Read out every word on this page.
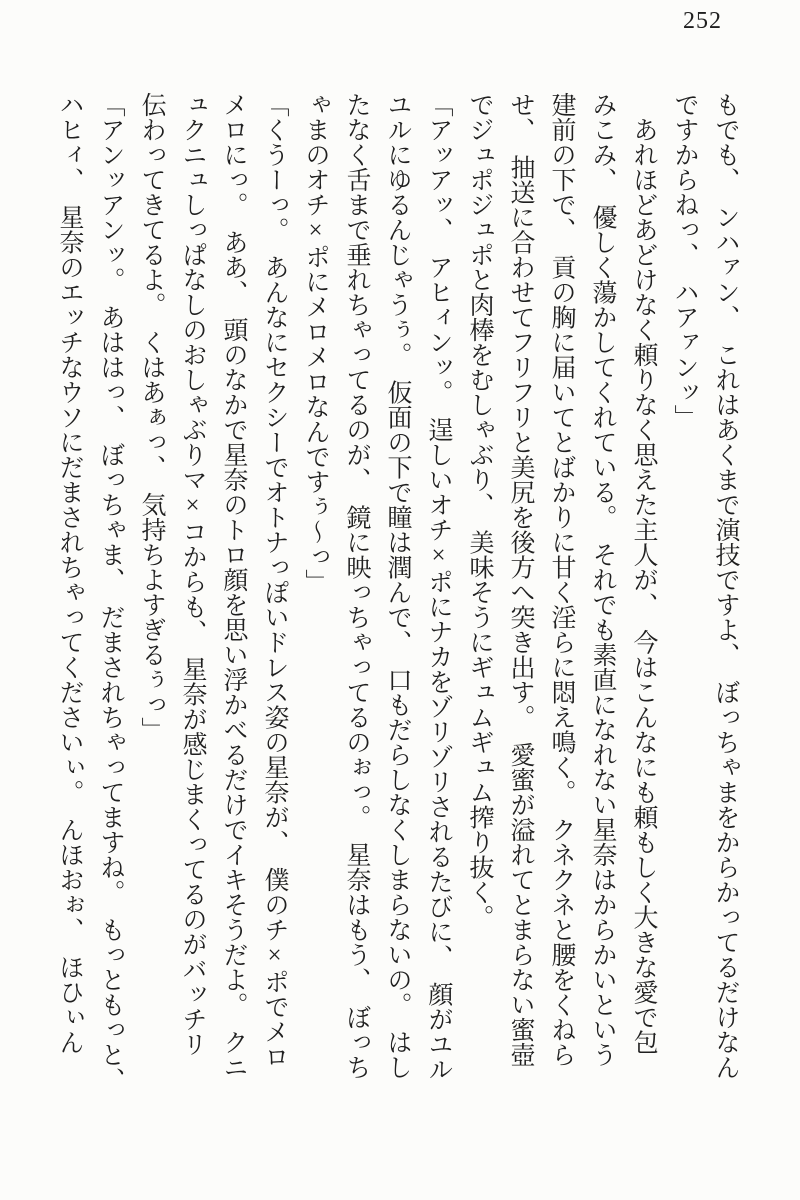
252

もでも、　ンハァン、　これはあくまで演技ですよ、　ぼっちゃまをからかってるだけなん

ですからねっ、　ハアァンッ」

　あれほどあどけなく頼りなく思えた主人が、　今はこんなにも頼もしく大きな愛で包

みこみ、　優しく蕩かしてくれている。　それでも素直になれない星奈はからかいという

建前の下で、　貢の胸に届いてとばかりに甘く淫らに悶え鳴く。　クネクネと腰をくねら

せ、　抽送に合わせてフリフリと美尻を後方へ突き出す。　愛蜜が溢れてとまらない蜜壺

でジュポジュポと肉棒をむしゃぶり、　美味そうにギュムギュム搾り抜く。

「アッアッ、　アヒィンッ。　逞しいオチ×ポにナカをゾリゾリされるたびに、　顔がユル

ユルにゆるんじゃうぅ。　仮面の下で瞳は潤んで、　口もだらしなくしまらないの。　はし

たなく舌まで垂れちゃってるのが、　鏡に映っちゃってるのぉっ。　星奈はもう、　ぼっち

ゃまのオチ×ポにメロメロなんですぅ〜っ」

「くうーっ。　あんなにセクシーでオトナっぽいドレス姿の星奈が、　僕のチ×ポでメロ

メロにっ。　ああ、　頭のなかで星奈のトロ顔を思い浮かべるだけでイキそうだよ。　クニ

ュクニュしっぱなしのおしゃぶりマ×コからも、　星奈が感じまくってるのがバッチリ

伝わってきてるよ。　くはあぁっ、　気持ちよすぎるぅっ」

「アンッアンッ。　あははっ、　ぼっちゃま、　だまされちゃってますね。　もっともっと、

ハヒィ、　星奈のエッチなウソにだまされちゃってくださいぃ。　んほおぉ、　ほひぃん
